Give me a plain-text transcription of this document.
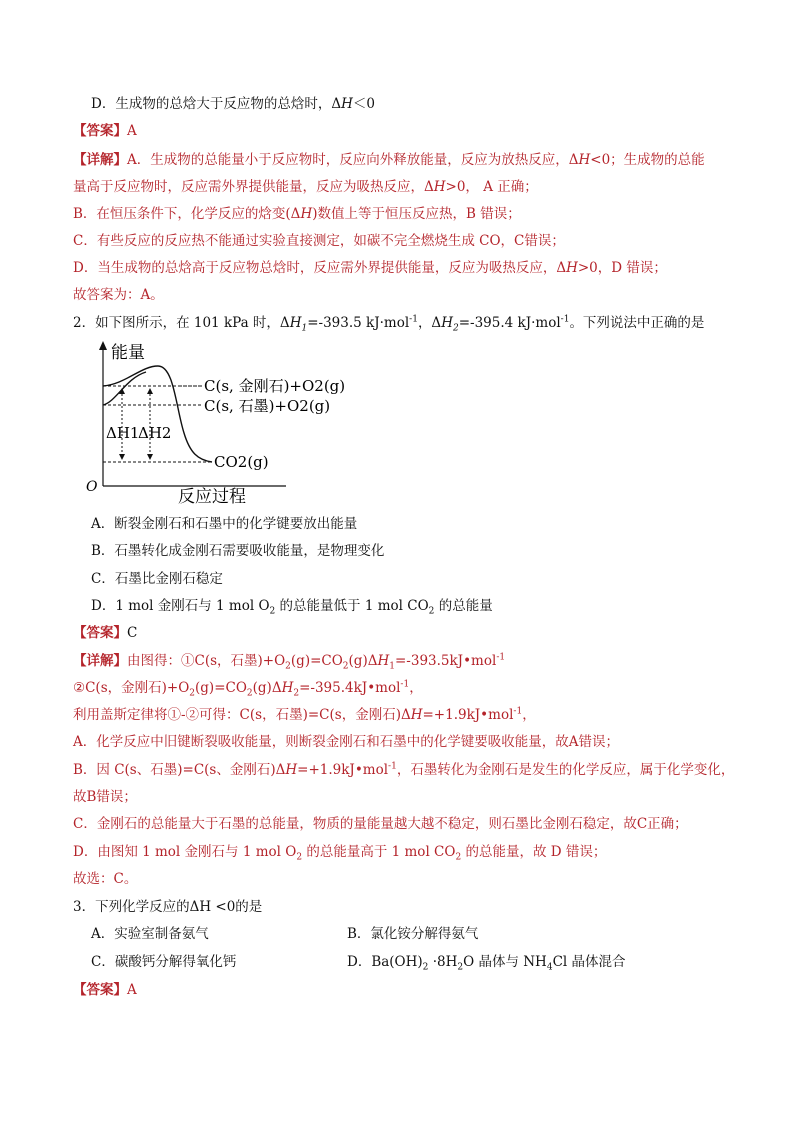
D．生成物的总焓大于反应物的总焓时，ΔH＜0
【答案】A
【详解】A．生成物的总能量小于反应物时，反应向外释放能量，反应为放热反应，ΔH<0；生成物的总能
量高于反应物时，反应需外界提供能量，反应为吸热反应，ΔH>0， A 正确；
B．在恒压条件下，化学反应的焓变(ΔH)数值上等于恒压反应热，B 错误；
C．有些反应的反应热不能通过实验直接测定，如碳不完全燃烧生成 CO，C错误；
D．当生成物的总焓高于反应物总焓时，反应需外界提供能量，反应为吸热反应，ΔH>0，D 错误；
故答案为：A。
2．如下图所示，在 101 kPa 时，$\Delta H_1=-393.5$ kJ·mol$^{-1}$，$\Delta H_2=-395.4$ kJ·mol$^{-1}$。下列说法中正确的是
能量
O	反应过程
ΔH1
ΔH2
C(s, 金刚石)+O2(g)
C(s, 石墨)+O2(g)
CO2(g)
A．断裂金刚石和石墨中的化学键要放出能量
B．石墨转化成金刚石需要吸收能量，是物理变化
C．石墨比金刚石稳定
D．1 mol 金刚石与 1 mol $O_2$ 的总能量低于 1 mol $CO_2$ 的总能量
【答案】C
【详解】由图得：①C(s，石墨)$+O_2(g)=CO_2(g)\Delta H_1=-393.5kJ•mol^{-1}$
②C(s，金刚石)$+O_2(g)=CO_2(g)\Delta H_2=-395.4kJ•mol^{-1}$，
利用盖斯定律将①-②可得：C(s，石墨)=C(s，金刚石)ΔH=+1.9kJ•mol$^{-1}$，
A．化学反应中旧键断裂吸收能量，则断裂金刚石和石墨中的化学键要吸收能量，故A错误；
B．因 C(s、石墨)=C(s、金刚石)ΔH=+1.9kJ•mol$^{-1}$，石墨转化为金刚石是发生的化学反应，属于化学变化，
故B错误；
C．金刚石的总能量大于石墨的总能量，物质的量能量越大越不稳定，则石墨比金刚石稳定，故C正确；
D．由图知 1 mol 金刚石与 1 mol $O_2$ 的总能量高于 1 mol $CO_2$ 的总能量，故 D 错误；
故选：C。
3．下列化学反应的ΔH <0的是
A．实验室制备氨气	B．氯化铵分解得氨气
C．碳酸钙分解得氧化钙	D．$Ba(OH)_2 \cdot 8H_2O$ 晶体与 $NH_4Cl$ 晶体混合
【答案】A
